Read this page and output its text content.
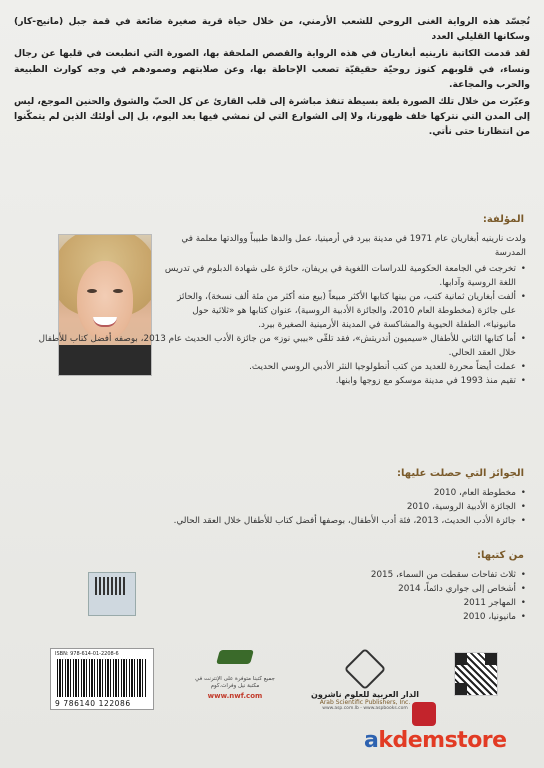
تُجسّد هذه الرواية الغنى الروحي للشعب الأرمني، من خلال حياة قرية صغيرة ضائعة في قمة جبل (مانيج-كار) وسكانها القليلي العدد

لقد قدمت الكاتبة نارينيه أبغاريان في هذه الرواية والقصص الملحقة بها، الصورة التي انطبعت في قلبها عن رجال ونساء، في قلوبهم كنوز روحيّة حقيقيّة تصعب الإحاطة بها، وعن صلابتهم وصمودهم في وجه كوارث الطبيعة والحرب والمجاعة.

وعبّرت من خلال تلك الصورة بلغة بسيطة تنفذ مباشرة إلى قلب القارئ عن كل الحبّ والشوق والحنين الموجع، ليس إلى المدن التي نتركها خلف ظهورنا، ولا إلى الشوارع التي لن نمشي فيها بعد اليوم، بل إلى أولئك الذين لم يتمكّنوا من انتظارنا حتى نأتي.

المؤلفة:

ولدت نارينيه أبغاريان عام 1971 في مدينة بيرد في أرمينيا، عمل والدها طبيباً ووالدتها معلمة في المدرسة

• تخرجت في الجامعة الحكومية للدراسات اللغوية في يريفان، حائزة على شهادة الدبلوم في تدريس اللغة الروسية وآدابها.
• ألفت أبغاريان ثمانية كتب، من بينها كتابها الأكثر مبيعاً (بيع منه أكثر من مئة ألف نسخة)، والحائز على جائزة (مخطوطة العام 2010، والجائزة الأدبية الروسية)، عنوان كتابها هو «ثلاثية حول مانيونيا»، الطفلة الحيوية والمشاكسة في المدينة الأرمينية الصغيرة بيرد.
• أما كتابها الثاني للأطفال «سيميون أندريتش»، فقد تلقّى «بيبي نوز» من جائزة الأدب الحديث عام 2013، بوصفه أفضل كتاب للأطفال خلال العقد الحالي.
• عملت أيضاً محررة للعديد من كتب أنطولوجيا النثر الأدبي الروسي الحديث.
• تقيم منذ 1993 في مدينة موسكو مع زوجها وابنها.
الجوائز التي حصلت عليها:
• مخطوطة العام، 2010
• الجائزة الأدبية الروسية، 2010
• جائزة الأدب الحديث، 2013، فئة أدب الأطفال، بوصفها أفضل كتاب للأطفال خلال العقد الحالي.
من كتبها:
• ثلاث تفاحات سقطت من السماء، 2015
• أشخاص إلى جواري دائماً، 2014
• المهاجر 2011
• مانيونيا، 2010
ISBN: 978-614-01-2208-6
9 786140 122086
جميع كتبنا متوفرة على الإنترنت في مكتبة نيل وفرات.كوم
www.nwf.com	الدار العربية للعلوم ناشرون
Arab Scientific Publishers, Inc.
www.asp.com.lb - www.aspbooks.com
akdemstore
